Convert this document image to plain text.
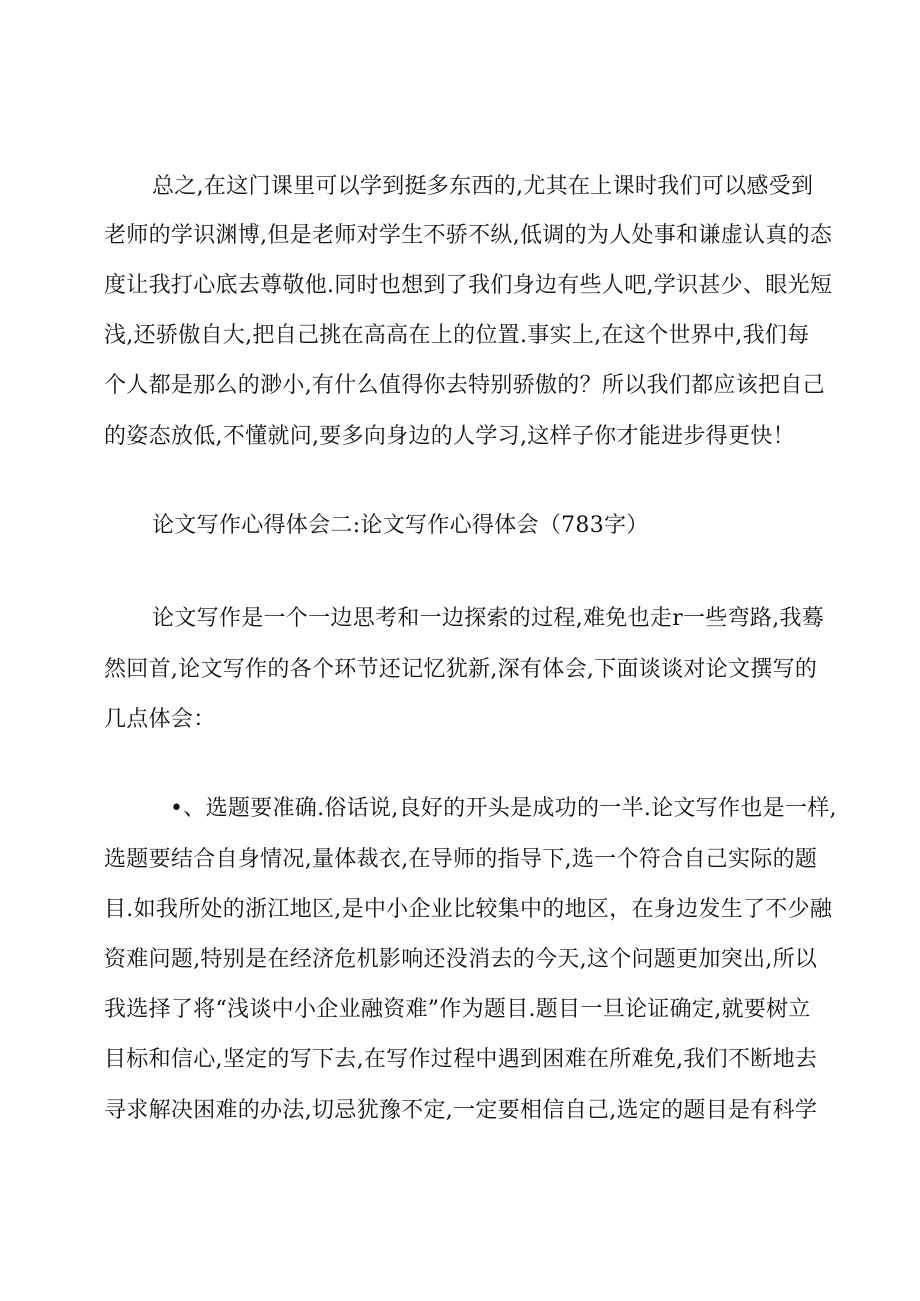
总之,在这门课里可以学到挺多东西的,尤其在上课时我们可以感受到
老师的学识渊博,但是老师对学生不骄不纵,低调的为人处事和谦虚认真的态
度让我打心底去尊敬他.同时也想到了我们身边有些人吧,学识甚少、眼光短
浅,还骄傲自大,把自己挑在高高在上的位置.事实上,在这个世界中,我们每
个人都是那么的渺小,有什么值得你去特别骄傲的？所以我们都应该把自己
的姿态放低,不懂就问,要多向身边的人学习,这样子你才能进步得更快！
论文写作心得体会二:论文写作心得体会（783字）
论文写作是一个一边思考和一边探索的过程,难免也走r一些弯路,我蓦
然回首,论文写作的各个环节还记忆犹新,深有体会,下面谈谈对论文撰写的
几点体会：
•、选题要准确.俗话说,良好的开头是成功的一半.论文写作也是一样,
选题要结合自身情况,量体裁衣,在导师的指导下,选一个符合自己实际的题
目.如我所处的浙江地区,是中小企业比较集中的地区，在身边发生了不少融
资难问题,特别是在经济危机影响还没消去的今天,这个问题更加突出,所以
我选择了将“浅谈中小企业融资难”作为题目.题目一旦论证确定,就要树立
目标和信心,坚定的写下去,在写作过程中遇到困难在所难免,我们不断地去
寻求解决困难的办法,切忌犹豫不定,一定要相信自己,选定的题目是有科学
